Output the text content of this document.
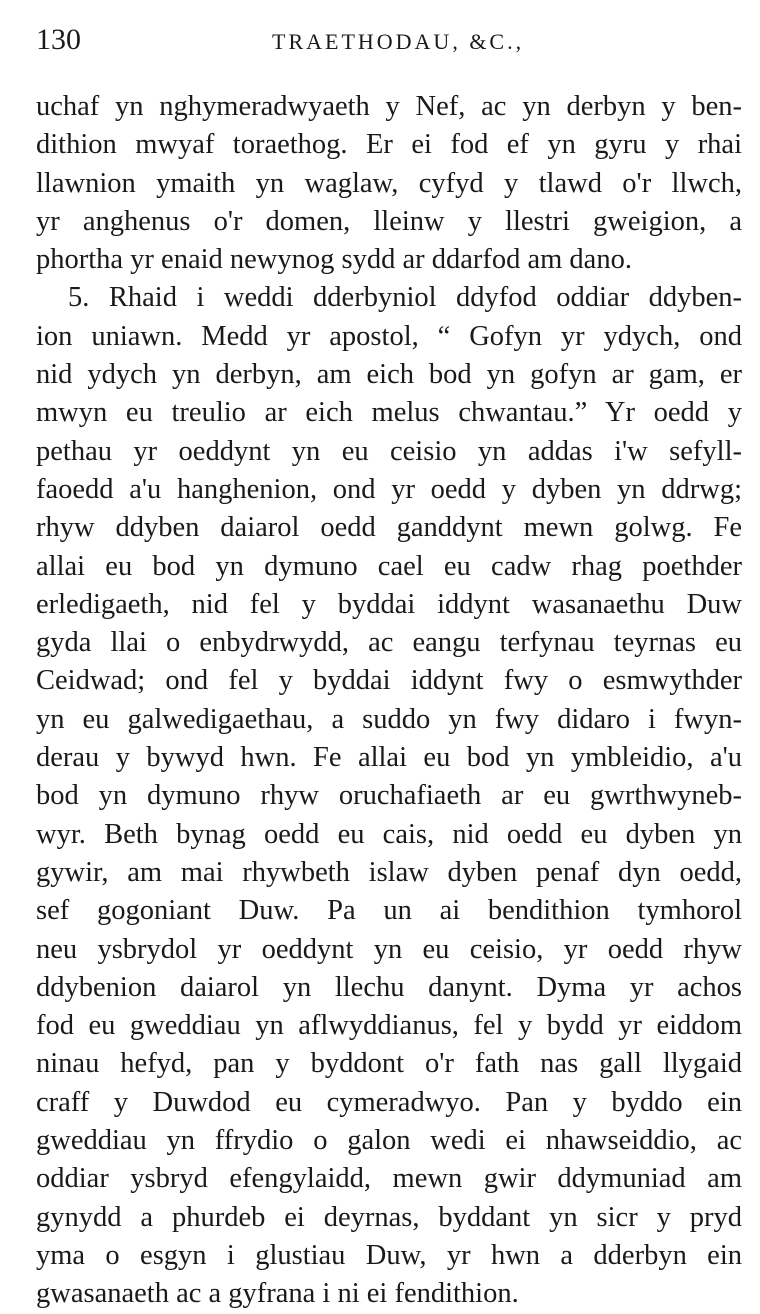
130	TRAETHODAU, &C.,
uchaf yn nghymeradwyaeth y Nef, ac yn derbyn y ben-
dithion mwyaf toraethog. Er ei fod ef yn gyru y rhai
llawnion ymaith yn waglaw, cyfyd y tlawd o'r llwch,
yr anghenus o'r domen, lleinw y llestri gweigion, a
phortha yr enaid newynog sydd ar ddarfod am dano.
5. Rhaid i weddi dderbyniol ddyfod oddiar ddyben-
ion uniawn. Medd yr apostol, “ Gofyn yr ydych, ond
nid ydych yn derbyn, am eich bod yn gofyn ar gam, er
mwyn eu treulio ar eich melus chwantau.” Yr oedd y
pethau yr oeddynt yn eu ceisio yn addas i'w sefyll-
faoedd a'u hanghenion, ond yr oedd y dyben yn ddrwg;
rhyw ddyben daiarol oedd ganddynt mewn golwg. Fe
allai eu bod yn dymuno cael eu cadw rhag poethder
erledigaeth, nid fel y byddai iddynt wasanaethu Duw
gyda llai o enbydrwydd, ac eangu terfynau teyrnas eu
Ceidwad; ond fel y byddai iddynt fwy o esmwythder
yn eu galwedigaethau, a suddo yn fwy didaro i fwyn-
derau y bywyd hwn. Fe allai eu bod yn ymbleidio, a'u
bod yn dymuno rhyw oruchafiaeth ar eu gwrthwyneb-
wyr. Beth bynag oedd eu cais, nid oedd eu dyben yn
gywir, am mai rhywbeth islaw dyben penaf dyn oedd,
sef gogoniant Duw. Pa un ai bendithion tymhorol
neu ysbrydol yr oeddynt yn eu ceisio, yr oedd rhyw
ddybenion daiarol yn llechu danynt. Dyma yr achos
fod eu gweddiau yn aflwyddianus, fel y bydd yr eiddom
ninau hefyd, pan y byddont o'r fath nas gall llygaid
craff y Duwdod eu cymeradwyo. Pan y byddo ein
gweddiau yn ffrydio o galon wedi ei nhawseiddio, ac
oddiar ysbryd efengylaidd, mewn gwir ddymuniad am
gynydd a phurdeb ei deyrnas, byddant yn sicr y pryd
yma o esgyn i glustiau Duw, yr hwn a dderbyn ein
gwasanaeth ac a gyfrana i ni ei fendithion.
